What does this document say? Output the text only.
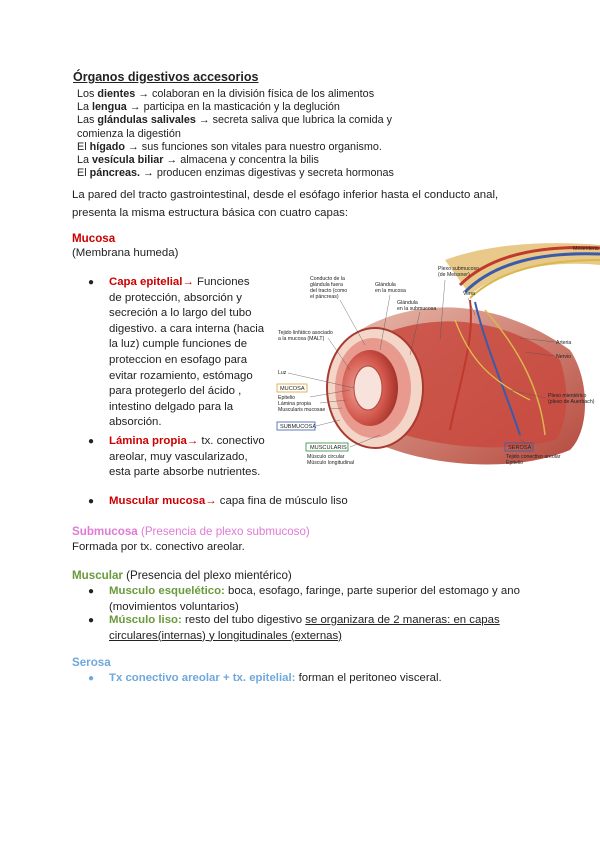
Órganos digestivos accesorios
Los dientes → colaboran en la división física de los alimentos
La lengua → participa en la masticación y la deglución
Las glándulas salivales → secreta saliva que lubrica la comida y
comienza la digestión
El hígado → sus funciones son vitales para nuestro organismo.
La vesícula biliar → almacena y concentra la bilis
El páncreas. → producen enzimas digestivas y secreta hormonas
La pared del tracto gastrointestinal, desde el esófago inferior hasta el conducto anal,
presenta la misma estructura básica con cuatro capas:
Mucosa
(Membrana humeda)
● Capa epitelial→ Funciones
de protección, absorción y
secreción a lo largo del tubo
digestivo. a cara interna (hacia
la luz) cumple funciones de
proteccion en esofago para
evitar rozamiento, estómago
para protegerlo del ácido ,
intestino delgado para la
absorción.
● Lámina propia→ tx. conectivo
areolar, muy vascularizado,
esta parte absorbe nutrientes.
● Muscular mucosa→ capa fina de músculo liso
Submucosa (Presencia de plexo submucoso)
Formada por tx. conectivo areolar.
Muscular (Presencia del plexo mientérico)
● Musculo esquelético: boca, esofago, faringe, parte superior del estomago y ano
(movimientos voluntarios)
● Músculo liso: resto del tubo digestivo se organizara de 2 maneras: en capas
circulares(internas) y longitudinales (externas)
Serosa
● Tx conectivo areolar + tx. epitelial: forman el peritoneo visceral.
Mesenterio
Conducto de la
glándula fuera
del tracto (como
el páncreas)
Glándula
en la mucosa
Plexo submucoso
(de Meissner)
Vena
Glándula
en la submucosa
Tejido linfático asociado
a la mucosa (MALT)
Arteria
Nervio
Luz
MUCOSA
Epitelio
Lámina propia
Muscularis mucosae
Plexo mientérico
(plexo de Auerbach)
SUBMUCOSA
MUSCULARIS
Músculo circular
Músculo longitudinal
SEROSA
Tejido conectivo areolar
Epitelio
